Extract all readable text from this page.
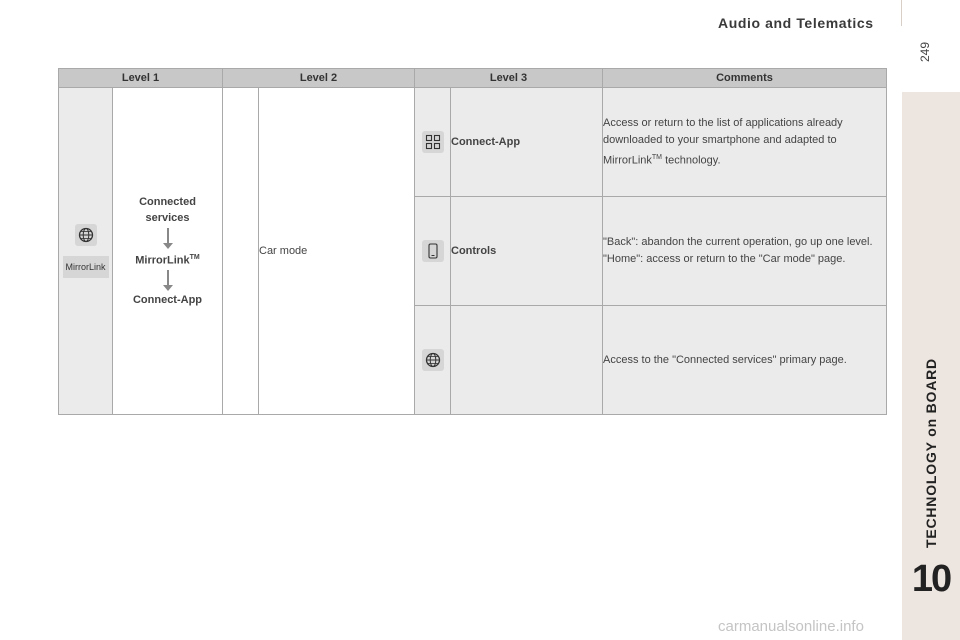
Audio and Telematics
249
TECHNOLOGY on BOARD
10
Level 1		Level 2		Level 3		Comments

MirrorLink	Connected services
MirrorLink™
Connect-App		Car mode		Connect-App	Access or return to the list of applications already downloaded to your smartphone and adapted to MirrorLink™ technology.

	Controls	"Back": abandon the current operation, go up one level.
"Home": access or return to the "Car mode" page.

		Access to the "Connected services" primary page.
carmanualsonline.info
